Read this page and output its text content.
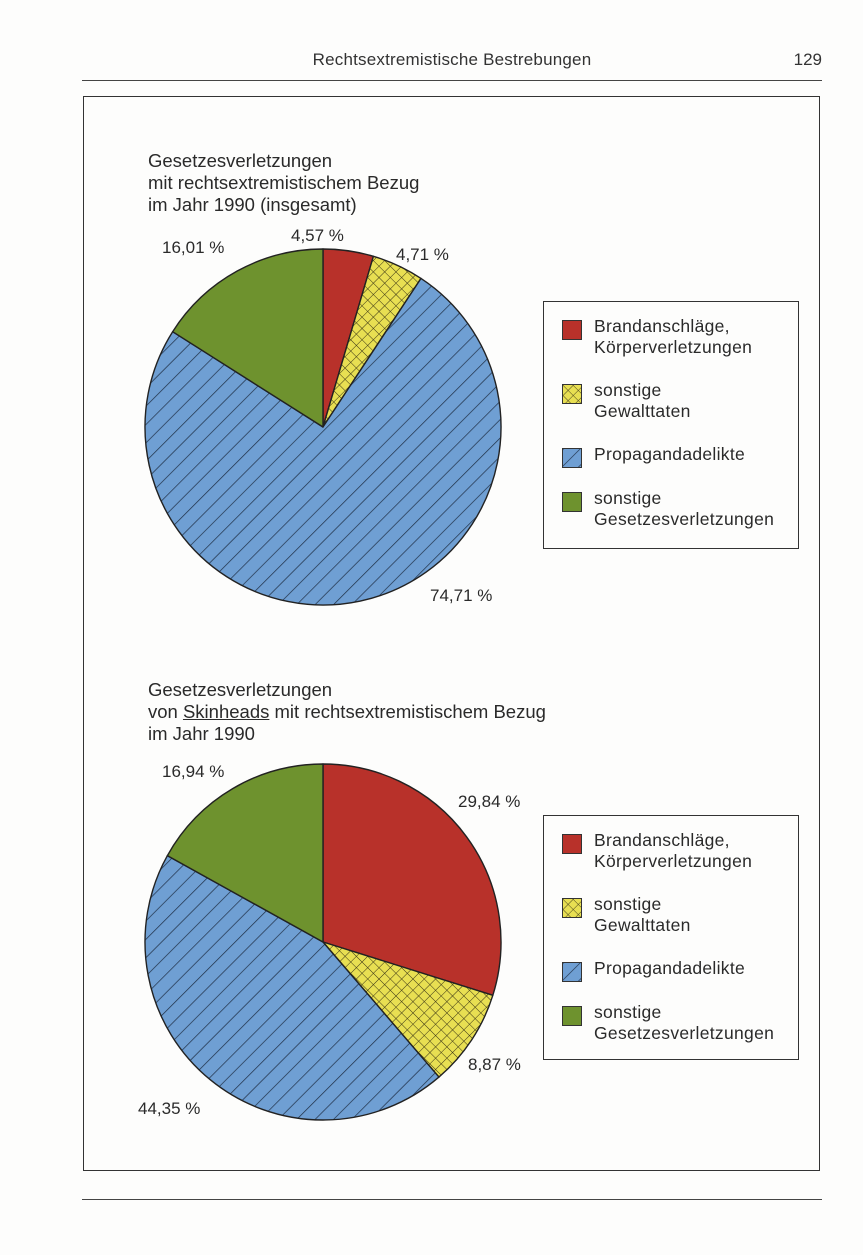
Rechtsextremistische Bestrebungen	129
Gesetzesverletzungen
mit rechtsextremistischem Bezug
im Jahr 1990 (insgesamt)
Gesetzesverletzungen
von Skinheads mit rechtsextremistischem Bezug
im Jahr 1990
4,57 %
4,71 %
74,71 %
16,01 %
29,84 %
8,87 %
44,35 %
16,94 %
Brandanschläge,
Körperverletzungen
sonstige
Gewalttaten
Propagandadelikte
sonstige
Gesetzesverletzungen
Brandanschläge,
Körperverletzungen
sonstige
Gewalttaten
Propagandadelikte
sonstige
Gesetzesverletzungen
